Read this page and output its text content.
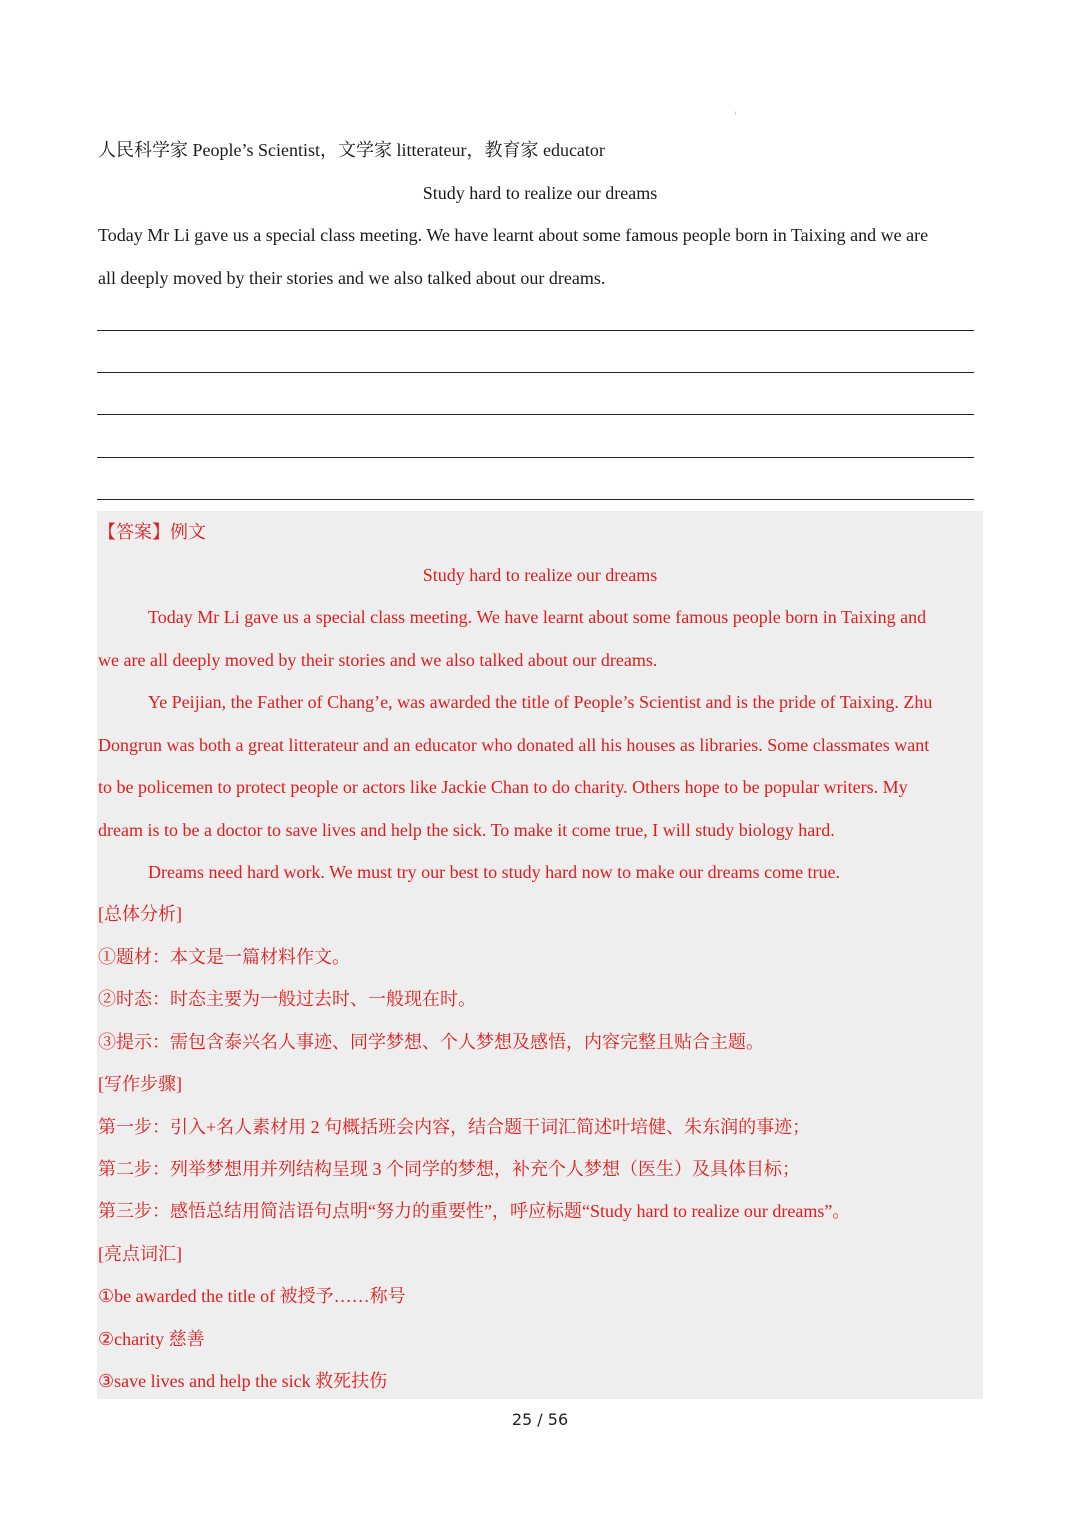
1
人民科学家 People’s Scientist，文学家 litterateur，教育家 educator
Study hard to realize our dreams
Today Mr Li gave us a special class meeting. We have learnt about some famous people born in Taixing and we are
all deeply moved by their stories and we also talked about our dreams.
【答案】例文
Study hard to realize our dreams
Today Mr Li gave us a special class meeting. We have learnt about some famous people born in Taixing and
we are all deeply moved by their stories and we also talked about our dreams.
Ye Peijian, the Father of Chang’e, was awarded the title of People’s Scientist and is the pride of Taixing. Zhu
Dongrun was both a great litterateur and an educator who donated all his houses as libraries. Some classmates want
to be policemen to protect people or actors like Jackie Chan to do charity. Others hope to be popular writers. My
dream is to be a doctor to save lives and help the sick. To make it come true, I will study biology hard.
Dreams need hard work. We must try our best to study hard now to make our dreams come true.
[总体分析]
①题材：本文是一篇材料作文。
②时态：时态主要为一般过去时、一般现在时。
③提示：需包含泰兴名人事迹、同学梦想、个人梦想及感悟，内容完整且贴合主题。
[写作步骤]
第一步：引入+名人素材用 2 句概括班会内容，结合题干词汇简述叶培健、朱东润的事迹；
第二步：列举梦想用并列结构呈现 3 个同学的梦想，补充个人梦想（医生）及具体目标；
第三步：感悟总结用简洁语句点明“努力的重要性”，呼应标题“Study hard to realize our dreams”。
[亮点词汇]
①be awarded the title of 被授予……称号
②charity 慈善
③save lives and help the sick 救死扶伤
25 / 56
